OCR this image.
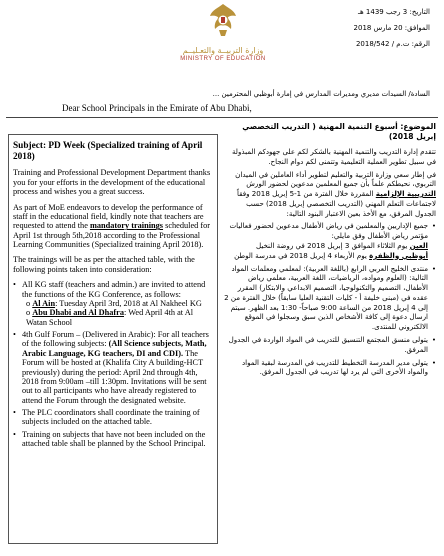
وزارة التربيــة والتعـليــم
MINISTRY OF EDUCATION
التاريخ: 3 رجب 1439 هـ
الموافق: 20 مارس 2018
الرقم: ت.م / 2018/542
السادة/ السيدات مديري ومديرات المدارس في إمارة أبوظبي المحترمين ...
Dear School Principals in the Emirate of Abu Dhabi,
Subject: PD Week (Specialized training of April 2018)
Training and Professional Development Department thanks you for your efforts in the development of the educational process and wishes you a great success.
As part of MoE endeavors to develop the performance of staff in the educational field, kindly note that teachers are requested to attend the mandatory trainings scheduled for April 1st through 5th,2018 according to the Professional Learning Communities (Specialized training April 2018).
The trainings will be as per the attached table, with the following points taken into consideration:
• All KG staff (teachers and admin.) are invited to attend the functions of the KG Conference, as follows:
o Al Ain: Tuesday April 3rd, 2018 at Al Nakheel KG
o Abu Dhabi and Al Dhafra: Wed April 4th at Al Watan School
• 4th Gulf Forum – (Delivered in Arabic): For all teachers of the following subjects: (All Science subjects, Math, Arabic Language, KG teachers, DI and CDI). The Forum will be hosted at (Khalifa City A building-HCT previously) during the period: April 2nd through 4th, 2018 from 9:00am –till 1:30pm. Invitations will be sent out to all participants who have already registered to attend the Forum through the designated website.
• The PLC coordinators shall coordinate the training of subjects included on the attached table.
• Training on subjects that have not been included on the attached table shall be planned by the School Principal.
الموضوع: أسبوع التنمية المهنية ( التدريب التخصصي إبريل 2018)
تتقدم إدارة التدريب والتنمية المهنية بالشكر لكم على جهودكم المبذولة في سبيل تطوير العملية التعليمية وتتمنى لكم دوام النجاح.
في إطار سعي وزارة التربية والتعليم لتطوير أداء العاملين في الميدان التربوي، نحيطكم علماً بأن جميع المعلمين مدعوين لحضور الورش التدريبية الإلزامية المقررة خلال الفترة من 1-5 إبريل 2018 وفقاً لاجتماعات التعلم المهني (التدريب التخصصي إبريل 2018) حسب الجدول المرفق، مع الأخذ بعين الاعتبار البنود التالية:
• جميع الإداريين والمعلمين في رياض الأطفال مدعوين لحضور فعاليات مؤتمر رياض الأطفال وفق مايلي:
العين يوم الثلاثاء الموافق 3 إبريل 2018 في روضة النخيل
أبوظبي والظفرة يوم الأربعاء 4 إبريل 2018 في مدرسة الوطن
• منتدى الخليج العربي الرابع (باللغة العربية): لمعلمي ومعلمات المواد التالية: (العلوم ومواده، الرياضيات، اللغة العربية، معلمي رياض الأطفال، التصميم والتكنولوجيا، التصميم الابداعي والابتكار) المقرر عقده في (مبنى خليفة أ - كليات التقنية العليا سابقاً) خلال الفترة من 2 إلى 4 إبريل 2018 من الساعة 9:00 صباحاً- 1:30 بعد الظهر. سيتم ارسال دعوة إلى كافة الأشخاص الذين سبق وسجلوا في الموقع الالكتروني للمنتدى.
• يتولى منسق المجتمع التنسيق للتدريب في المواد الواردة في الجدول المرفق.
• يتولى مدير المدرسة التخطيط للتدريب في المدرسة لبقية المواد والمواد الأخرى التي لم يرد لها تدريب في الجدول المرفق.
